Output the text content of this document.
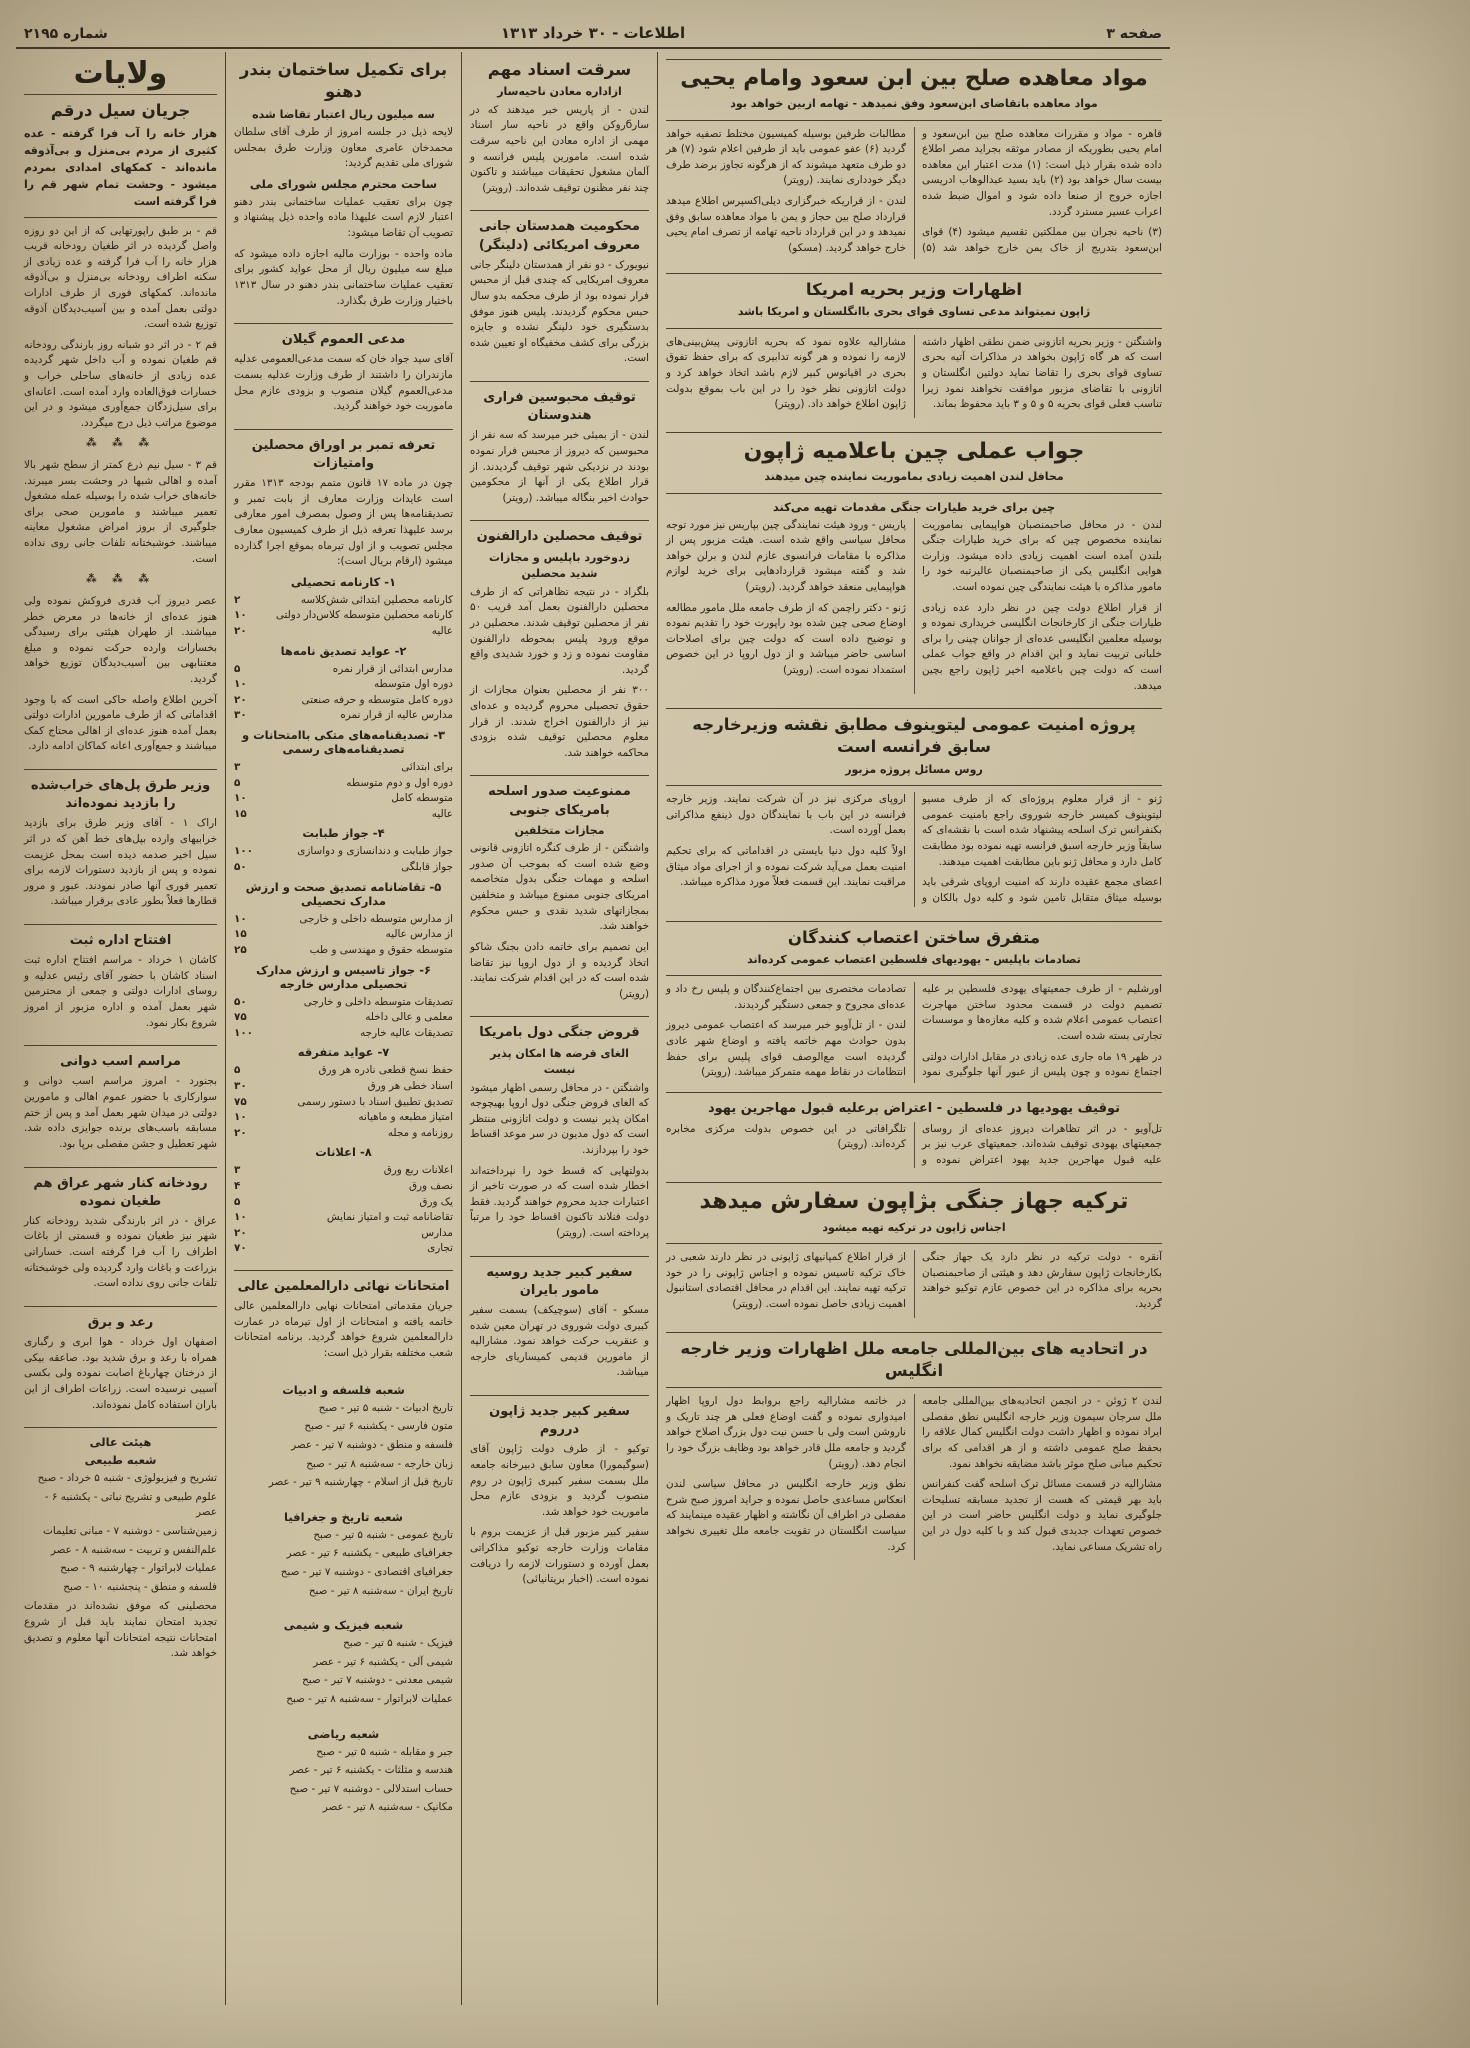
صفحه ۳
اطلاعات - ۳۰ خرداد ۱۳۱۳
شماره ۲۱۹۵
مواد معاهده صلح بین ابن سعود وامام یحیی
مواد معاهده باتقاضای ابن‌سعود وفق نمیدهد - تهامه ازبین خواهد بود
قاهره - مواد و مقررات معاهده صلح بین ابن‌سعود و امام یحیی بطوریکه از مصادر موثقه بجراید مصر اطلاع داده شده بقرار ذیل است: (۱) مدت اعتبار این معاهده بیست سال خواهد بود (۲) باید بسید عبدالوهاب ادریسی اجازه خروج از صنعا داده شود و اموال ضبط شده اعراب عسیر مسترد گردد.
(۳) ناحیه نجران بین مملکتین تقسیم میشود (۴) قوای ابن‌سعود بتدریج از خاک یمن خارج خواهد شد (۵) مطالبات طرفین بوسیله کمیسیون مختلط تصفیه خواهد گردید (۶) عفو عمومی باید از طرفین اعلام شود (۷) هر دو طرف متعهد میشوند که از هرگونه تجاوز برضد طرف دیگر خودداری نمایند. (رویتر)
لندن - از قراریکه خبرگزاری دیلی‌اکسپرس اطلاع میدهد قرارداد صلح بین حجاز و یمن با مواد معاهده سابق وفق نمیدهد و در این قرارداد ناحیه تهامه از تصرف امام یحیی خارج خواهد گردید. (مسکو)
اظهارات وزیر بحریه امریکا
ژاپون نمیتواند مدعی تساوی قوای بحری باانگلستان و امریکا باشد
واشنگتن - وزیر بحریه اتازونی ضمن نطقی اظهار داشته است که هر گاه ژاپون بخواهد در مذاکرات آتیه بحری تساوی قوای بحری را تقاضا نماید دولتین انگلستان و اتازونی با تقاضای مزبور موافقت نخواهند نمود زیرا تناسب فعلی قوای بحریه ۵ و ۵ و ۳ باید محفوظ بماند.
مشارالیه علاوه نمود که بحریه اتازونی پیش‌بینی‌های لازمه را نموده و هر گونه تدابیری که برای حفظ تفوق بحری در اقیانوس کبیر لازم باشد اتخاذ خواهد کرد و دولت اتازونی نظر خود را در این باب بموقع بدولت ژاپون اطلاع خواهد داد. (رویتر)
جواب عملی چین باعلامیه ژاپون
محافل لندن اهمیت زیادی بماموریت نماینده چین میدهند
چین برای خرید طیارات جنگی مقدمات تهیه می‌کند
لندن - در محافل صاحبمنصبان هواپیمایی بماموریت نماینده مخصوص چین که برای خرید طیارات جنگی بلندن آمده است اهمیت زیادی داده میشود. وزارت هوایی انگلیس یکی از صاحبمنصبان عالیرتبه خود را مامور مذاکره با هیئت نمایندگی چین نموده است.
از قرار اطلاع دولت چین در نظر دارد عده زیادی طیارات جنگی از کارخانجات انگلیسی خریداری نموده و بوسیله معلمین انگلیسی عده‌ای از جوانان چینی را برای خلبانی تربیت نماید و این اقدام در واقع جواب عملی است که دولت چین باعلامیه اخیر ژاپون راجع بچین میدهد.
پاریس - ورود هیئت نمایندگی چین بپاریس نیز مورد توجه محافل سیاسی واقع شده است. هیئت مزبور پس از مذاکره با مقامات فرانسوی عازم لندن و برلن خواهد شد و گفته میشود قراردادهایی برای خرید لوازم هواپیمایی منعقد خواهد گردید. (رویتر)
ژنو - دکتر راچمن که از طرف جامعه ملل مامور مطالعه اوضاع صحی چین شده بود راپورت خود را تقدیم نموده و توضیح داده است که دولت چین برای اصلاحات اساسی حاضر میباشد و از دول اروپا در این خصوص استمداد نموده است. (رویتر)
پروژه امنیت عمومی لیتوینوف مطابق نقشه وزیرخارجه سابق فرانسه است
روس مسائل پروژه مزبور
ژنو - از قرار معلوم پروژه‌ای که از طرف مسیو لیتوینوف کمیسر خارجه شوروی راجع بامنیت عمومی بکنفرانس ترک اسلحه پیشنهاد شده است با نقشه‌ای که سابقاً وزیر خارجه اسبق فرانسه تهیه نموده بود مطابقت کامل دارد و محافل ژنو باین مطابقت اهمیت میدهند.
اعضای مجمع عقیده دارند که امنیت اروپای شرقی باید بوسیله میثاق متقابل تامین شود و کلیه دول بالکان و اروپای مرکزی نیز در آن شرکت نمایند. وزیر خارجه فرانسه در این باب با نمایندگان دول ذینفع مذاکراتی بعمل آورده است.
اولاً کلیه دول دنیا بایستی در اقداماتی که برای تحکیم امنیت بعمل می‌آید شرکت نموده و از اجرای مواد میثاق مراقبت نمایند. این قسمت فعلاً مورد مذاکره میباشد.
متفرق ساختن اعتصاب کنندگان
تصادمات باپلیس - یهودیهای فلسطین اعتصاب عمومی کرده‌اند
اورشلیم - از طرف جمعیتهای یهودی فلسطین بر علیه تصمیم دولت در قسمت محدود ساختن مهاجرت اعتصاب عمومی اعلام شده و کلیه مغازه‌ها و موسسات تجارتی بسته شده است.
در ظهر ۱۹ ماه جاری عده زیادی در مقابل ادارات دولتی اجتماع نموده و چون پلیس از عبور آنها جلوگیری نمود تصادمات مختصری بین اجتماع‌کنندگان و پلیس رخ داد و عده‌ای مجروح و جمعی دستگیر گردیدند.
لندن - از تل‌آویو خبر میرسد که اعتصاب عمومی دیروز بدون حوادث مهم خاتمه یافته و اوضاع شهر عادی گردیده است مع‌الوصف قوای پلیس برای حفظ انتظامات در نقاط مهمه متمرکز میباشد. (رویتر)
توقیف یهودیها در فلسطین - اعتراض برعلیه قبول مهاجرین یهود
تل‌آویو - در اثر تظاهرات دیروز عده‌ای از روسای جمعیتهای یهودی توقیف شده‌اند. جمعیتهای عرب نیز بر علیه قبول مهاجرین جدید یهود اعتراض نموده و تلگرافاتی در این خصوص بدولت مرکزی مخابره کرده‌اند. (رویتر)
ترکیه جهاز جنگی بژاپون سفارش میدهد
اجناس ژاپون در ترکیه تهیه میشود
آنقره - دولت ترکیه در نظر دارد یک جهاز جنگی بکارخانجات ژاپون سفارش دهد و هیئتی از صاحبمنصبان بحریه برای مذاکره در این خصوص عازم توکیو خواهند گردید.
از قرار اطلاع کمپانیهای ژاپونی در نظر دارند شعبی در خاک ترکیه تاسیس نموده و اجناس ژاپونی را در خود ترکیه تهیه نمایند. این اقدام در محافل اقتصادی استانبول اهمیت زیادی حاصل نموده است. (رویتر)
در اتحادیه های بین‌المللی جامعه ملل اظهارات وزیر خارجه انگلیس
لندن ۲ ژوئن - در انجمن اتحادیه‌های بین‌المللی جامعه ملل سرجان سیمون وزیر خارجه انگلیس نطق مفصلی ایراد نموده و اظهار داشت دولت انگلیس کمال علاقه را بحفظ صلح عمومی داشته و از هر اقدامی که برای تحکیم مبانی صلح موثر باشد مضایقه نخواهد نمود.
مشارالیه در قسمت مسائل ترک اسلحه گفت کنفرانس باید بهر قیمتی که هست از تجدید مسابقه تسلیحات جلوگیری نماید و دولت انگلیس حاضر است در این خصوص تعهدات جدیدی قبول کند و با کلیه دول در این راه تشریک مساعی نماید.
در خاتمه مشارالیه راجع بروابط دول اروپا اظهار امیدواری نموده و گفت اوضاع فعلی هر چند تاریک و ناروشن است ولی با حسن نیت دول بزرگ اصلاح خواهد گردید و جامعه ملل قادر خواهد بود وظایف بزرگ خود را انجام دهد. (رویتر)
نطق وزیر خارجه انگلیس در محافل سیاسی لندن انعکاس مساعدی حاصل نموده و جراید امروز صبح شرح مفصلی در اطراف آن نگاشته و اظهار عقیده مینمایند که سیاست انگلستان در تقویت جامعه ملل تغییری نخواهد کرد.
سرقت اسناد مهم
ازاداره معادن ناحیه‌سار
لندن - از پاریس خبر میدهند که در سارбروکن واقع در ناحیه سار اسناد مهمی از اداره معادن این ناحیه سرقت شده است. مامورین پلیس فرانسه و آلمان مشغول تحقیقات میباشند و تاکنون چند نفر مظنون توقیف شده‌اند. (رویتر)
محکومیت همدستان جانی معروف امریکائی (دلینگر)
نیویورک - دو نفر از همدستان دلینگر جانی معروف امریکایی که چندی قبل از محبس فرار نموده بود از طرف محکمه بدو سال حبس محکوم گردیدند. پلیس هنوز موفق بدستگیری خود دلینگر نشده و جایزه بزرگی برای کشف مخفیگاه او تعیین شده است.
توقیف محبوسین فراری هندوستان
لندن - از بمبئی خبر میرسد که سه نفر از محبوسین که دیروز از محبس فرار نموده بودند در نزدیکی شهر توقیف گردیدند. از قرار اطلاع یکی از آنها از محکومین حوادث اخیر بنگاله میباشد. (رویتر)
توقیف محصلین دارالفنون
زدوخورد باپلیس و مجازات شدید محصلین
بلگراد - در نتیجه تظاهراتی که از طرف محصلین دارالفنون بعمل آمد قریب ۵۰ نفر از محصلین توقیف شدند. محصلین در موقع ورود پلیس بمحوطه دارالفنون مقاومت نموده و زد و خورد شدیدی واقع گردید.
۳۰۰ نفر از محصلین بعنوان مجازات از حقوق تحصیلی محروم گردیده و عده‌ای نیز از دارالفنون اخراج شدند. از قرار معلوم محصلین توقیف شده بزودی محاکمه خواهند شد.
ممنوعیت صدور اسلحه بامریکای جنوبی
مجازات متخلفین
واشنگتن - از طرف کنگره اتازونی قانونی وضع شده است که بموجب آن صدور اسلحه و مهمات جنگی بدول متخاصمه امریکای جنوبی ممنوع میباشد و متخلفین بمجازاتهای شدید نقدی و حبس محکوم خواهند شد.
این تصمیم برای خاتمه دادن بجنگ شاکو اتخاذ گردیده و از دول اروپا نیز تقاضا شده است که در این اقدام شرکت نمایند. (رویتر)
قروض جنگی دول بامریکا
الغای قرضه ها امکان پذیر نیست
واشنگتن - در محافل رسمی اظهار میشود که الغای قروض جنگی دول اروپا بهیچوجه امکان پذیر نیست و دولت اتازونی منتظر است که دول مدیون در سر موعد اقساط خود را بپردازند.
بدولتهایی که قسط خود را نپرداخته‌اند اخطار شده است که در صورت تاخیر از اعتبارات جدید محروم خواهند گردید. فقط دولت فنلاند تاکنون اقساط خود را مرتباً پرداخته است. (رویتر)
سفیر کبیر جدید روسیه مامور بایران
مسکو - آقای (سوچیکف) بسمت سفیر کبیری دولت شوروی در تهران معین شده و عنقریب حرکت خواهد نمود. مشارالیه از مامورین قدیمی کمیساریای خارجه میباشد.
سفیر کبیر جدید ژاپون درروم
توکیو - از طرف دولت ژاپون آقای (سوگیمورا) معاون سابق دبیرخانه جامعه ملل بسمت سفیر کبیری ژاپون در روم منصوب گردید و بزودی عازم محل ماموریت خود خواهد شد.
سفیر کبیر مزبور قبل از عزیمت بروم با مقامات وزارت خارجه توکیو مذاکراتی بعمل آورده و دستورات لازمه را دریافت نموده است. (اخبار بریتانیائی)
برای تکمیل ساختمان بندر دهنو
سه میلیون ریال اعتبار تقاضا شده
لایحه ذیل در جلسه امروز از طرف آقای سلطان محمدخان عامری معاون وزارت طرق بمجلس شورای ملی تقدیم گردید:
ساحت محترم مجلس شورای ملی
چون برای تعقیب عملیات ساختمانی بندر دهنو اعتبار لازم است علیهذا ماده واحده ذیل پیشنهاد و تصویب آن تقاضا میشود:
ماده واحده - بوزارت مالیه اجازه داده میشود که مبلغ سه میلیون ریال از محل عواید کشور برای تعقیب عملیات ساختمانی بندر دهنو در سال ۱۳۱۳ باختیار وزارت طرق بگذارد.
مدعی العموم گیلان
آقای سید جواد خان که سمت مدعی‌العمومی عدلیه مازندران را داشتند از طرف وزارت عدلیه بسمت مدعی‌العموم گیلان منصوب و بزودی عازم محل ماموریت خود خواهند گردید.
تعرفه تمبر بر اوراق محصلین وامتیازات
چون در ماده ۱۷ قانون متمم بودجه ۱۳۱۳ مقرر است عایدات وزارت معارف از بابت تمبر و تصدیقنامه‌ها پس از وصول بمصرف امور معارفی برسد علیهذا تعرفه ذیل از طرف کمیسیون معارف مجلس تصویب و از اول تیرماه بموقع اجرا گذارده میشود (ارقام بریال است):
۱- کارنامه تحصیلی
کارنامه محصلین ابتدائی شش‌کلاسه
۲
کارنامه محصلین متوسطه کلاس‌دار دولتی
۱۰
عالیه
۲۰
۲- عواید تصدیق نامه‌ها
مدارس ابتدائی از قرار نمره
۵
دوره اول متوسطه
۱۰
دوره کامل متوسطه و حرفه صنعتی
۲۰
مدارس عالیه از قرار نمره
۳۰
۳- تصدیقنامه‌های متکی باامتحانات و تصدیقنامه‌های رسمی
برای ابتدائی
۳
دوره اول و دوم متوسطه
۵
متوسطه کامل
۱۰
عالیه
۱۵
۴- جواز طبابت
جواز طبابت و دندانسازی و دواسازی
۱۰۰
جواز قابلگی
۵۰
۵- تقاضانامه تصدیق صحت و ارزش مدارک تحصیلی
از مدارس متوسطه داخلی و خارجی
۱۰
از مدارس عالیه
۱۵
متوسطه حقوق و مهندسی و طب
۲۵
۶- جواز تاسیس و ارزش مدارک تحصیلی مدارس خارجه
تصدیقات متوسطه داخلی و خارجی
۵۰
معلمی و عالی داخله
۷۵
تصدیقات عالیه خارجه
۱۰۰
۷- عواید متفرقه
حفظ نسخ قطعی نادره هر ورق
۵
اسناد خطی هر ورق
۳۰
تصدیق تطبیق اسناد با دستور رسمی
۷۵
امتیاز مطبعه و ماهیانه
۱۰
روزنامه و مجله
۲۰
۸- اعلانات
اعلانات ربع ورق
۳
نصف ورق
۴
یک ورق
۵
تقاضانامه ثبت و امتیاز نمایش
۱۰
مدارس
۲۰
تجاری
۷۰
امتحانات نهائی دارالمعلمین عالی
جریان مقدماتی امتحانات نهایی دارالمعلمین عالی خاتمه یافته و امتحانات از اول تیرماه در عمارت دارالمعلمین شروع خواهد گردید. برنامه امتحانات شعب مختلفه بقرار ذیل است:
شعبه فلسفه و ادبیات
تاریخ ادبیات - شنبه ۵ تیر - صبح
متون فارسی - یکشنبه ۶ تیر - صبح
فلسفه و منطق - دوشنبه ۷ تیر - عصر
زبان خارجه - سه‌شنبه ۸ تیر - صبح
تاریخ قبل از اسلام - چهارشنبه ۹ تیر - عصر
شعبه تاریخ و جغرافیا
تاریخ عمومی - شنبه ۵ تیر - صبح
جغرافیای طبیعی - یکشنبه ۶ تیر - عصر
جغرافیای اقتصادی - دوشنبه ۷ تیر - صبح
تاریخ ایران - سه‌شنبه ۸ تیر - صبح
شعبه فیزیک و شیمی
فیزیک - شنبه ۵ تیر - صبح
شیمی آلی - یکشنبه ۶ تیر - عصر
شیمی معدنی - دوشنبه ۷ تیر - صبح
عملیات لابراتوار - سه‌شنبه ۸ تیر - صبح
شعبه ریاضی
جبر و مقابله - شنبه ۵ تیر - صبح
هندسه و مثلثات - یکشنبه ۶ تیر - عصر
حساب استدلالی - دوشنبه ۷ تیر - صبح
مکانیک - سه‌شنبه ۸ تیر - عصر
ولایات
جریان سیل درقم
هزار خانه را آب فرا گرفته - عده کثیری از مردم بی‌منزل و بی‌آذوقه مانده‌اند - کمکهای امدادی بمردم میشود - وحشت تمام شهر قم را فرا گرفته است
قم - بر طبق راپورتهایی که از این دو روزه واصل گردیده در اثر طغیان رودخانه قریب هزار خانه را آب فرا گرفته و عده زیادی از سکنه اطراف رودخانه بی‌منزل و بی‌آذوقه مانده‌اند. کمکهای فوری از طرف ادارات دولتی بعمل آمده و بین آسیب‌دیدگان آذوقه توزیع شده است.
قم ۲ - در اثر دو شبانه روز بارندگی رودخانه قم طغیان نموده و آب داخل شهر گردیده عده زیادی از خانه‌های ساحلی خراب و خسارات فوق‌العاده وارد آمده است. اعانه‌ای برای سیل‌زدگان جمع‌آوری میشود و در این موضوع مراتب ذیل درج میگردد.
⁂ ⁂ ⁂
قم ۳ - سیل نیم ذرع کمتر از سطح شهر بالا آمده و اهالی شبها در وحشت بسر میبرند. خانه‌های خراب شده را بوسیله عمله مشغول تعمیر میباشند و مامورین صحی برای جلوگیری از بروز امراض مشغول معاینه میباشند. خوشبختانه تلفات جانی روی نداده است.
⁂ ⁂ ⁂
عصر دیروز آب قدری فروکش نموده ولی هنوز عده‌ای از خانه‌ها در معرض خطر میباشند. از طهران هیئتی برای رسیدگی بخسارات وارده حرکت نموده و مبلغ معتنابهی بین آسیب‌دیدگان توزیع خواهد گردید.
آخرین اطلاع واصله حاکی است که با وجود اقداماتی که از طرف مامورین ادارات دولتی بعمل آمده هنوز عده‌ای از اهالی محتاج کمک میباشند و جمع‌آوری اعانه کماکان ادامه دارد.
وزیر طرق پل‌های خراب‌شده را بازدید نموده‌اند
اراک ۱ - آقای وزیر طرق برای بازدید خرابیهای وارده بپل‌های خط آهن که در اثر سیل اخیر صدمه دیده است بمحل عزیمت نموده و پس از بازدید دستورات لازمه برای تعمیر فوری آنها صادر نمودند. عبور و مرور قطارها فعلاً بطور عادی برقرار میباشد.
افتتاح اداره ثبت
کاشان ۱ خرداد - مراسم افتتاح اداره ثبت اسناد کاشان با حضور آقای رئیس عدلیه و روسای ادارات دولتی و جمعی از محترمین شهر بعمل آمده و اداره مزبور از امروز شروع بکار نمود.
مراسم اسب دوانی
بجنورد - امروز مراسم اسب دوانی و سوارکاری با حضور عموم اهالی و مامورین دولتی در میدان شهر بعمل آمد و پس از ختم مسابقه باسب‌های برنده جوایزی داده شد. شهر تعطیل و جشن مفصلی برپا بود.
رودخانه کنار شهر عراق هم طغیان نموده
عراق - در اثر بارندگی شدید رودخانه کنار شهر نیز طغیان نموده و قسمتی از باغات اطراف را آب فرا گرفته است. خساراتی بزراعت و باغات وارد گردیده ولی خوشبختانه تلفات جانی روی نداده است.
رعد و برق
اصفهان اول خرداد - هوا ابری و رگباری همراه با رعد و برق شدید بود. صاعقه بیکی از درختان چهارباغ اصابت نموده ولی بکسی آسیبی نرسیده است. زراعات اطراف از این باران استفاده کامل نموده‌اند.
هیئت عالی
شعبه طبیعی
تشریح و فیزیولوژی - شنبه ۵ خرداد - صبح
علوم طبیعی و تشریح نباتی - یکشنبه ۶ - عصر
زمین‌شناسی - دوشنبه ۷ - مبانی تعلیمات
علم‌النفس و تربیت - سه‌شنبه ۸ - عصر
عملیات لابراتوار - چهارشنبه ۹ - صبح
فلسفه و منطق - پنجشنبه ۱۰ - صبح
محصلینی که موفق نشده‌اند در مقدمات تجدید امتحان نمایند باید قبل از شروع امتحانات نتیجه امتحانات آنها معلوم و تصدیق خواهد شد.
